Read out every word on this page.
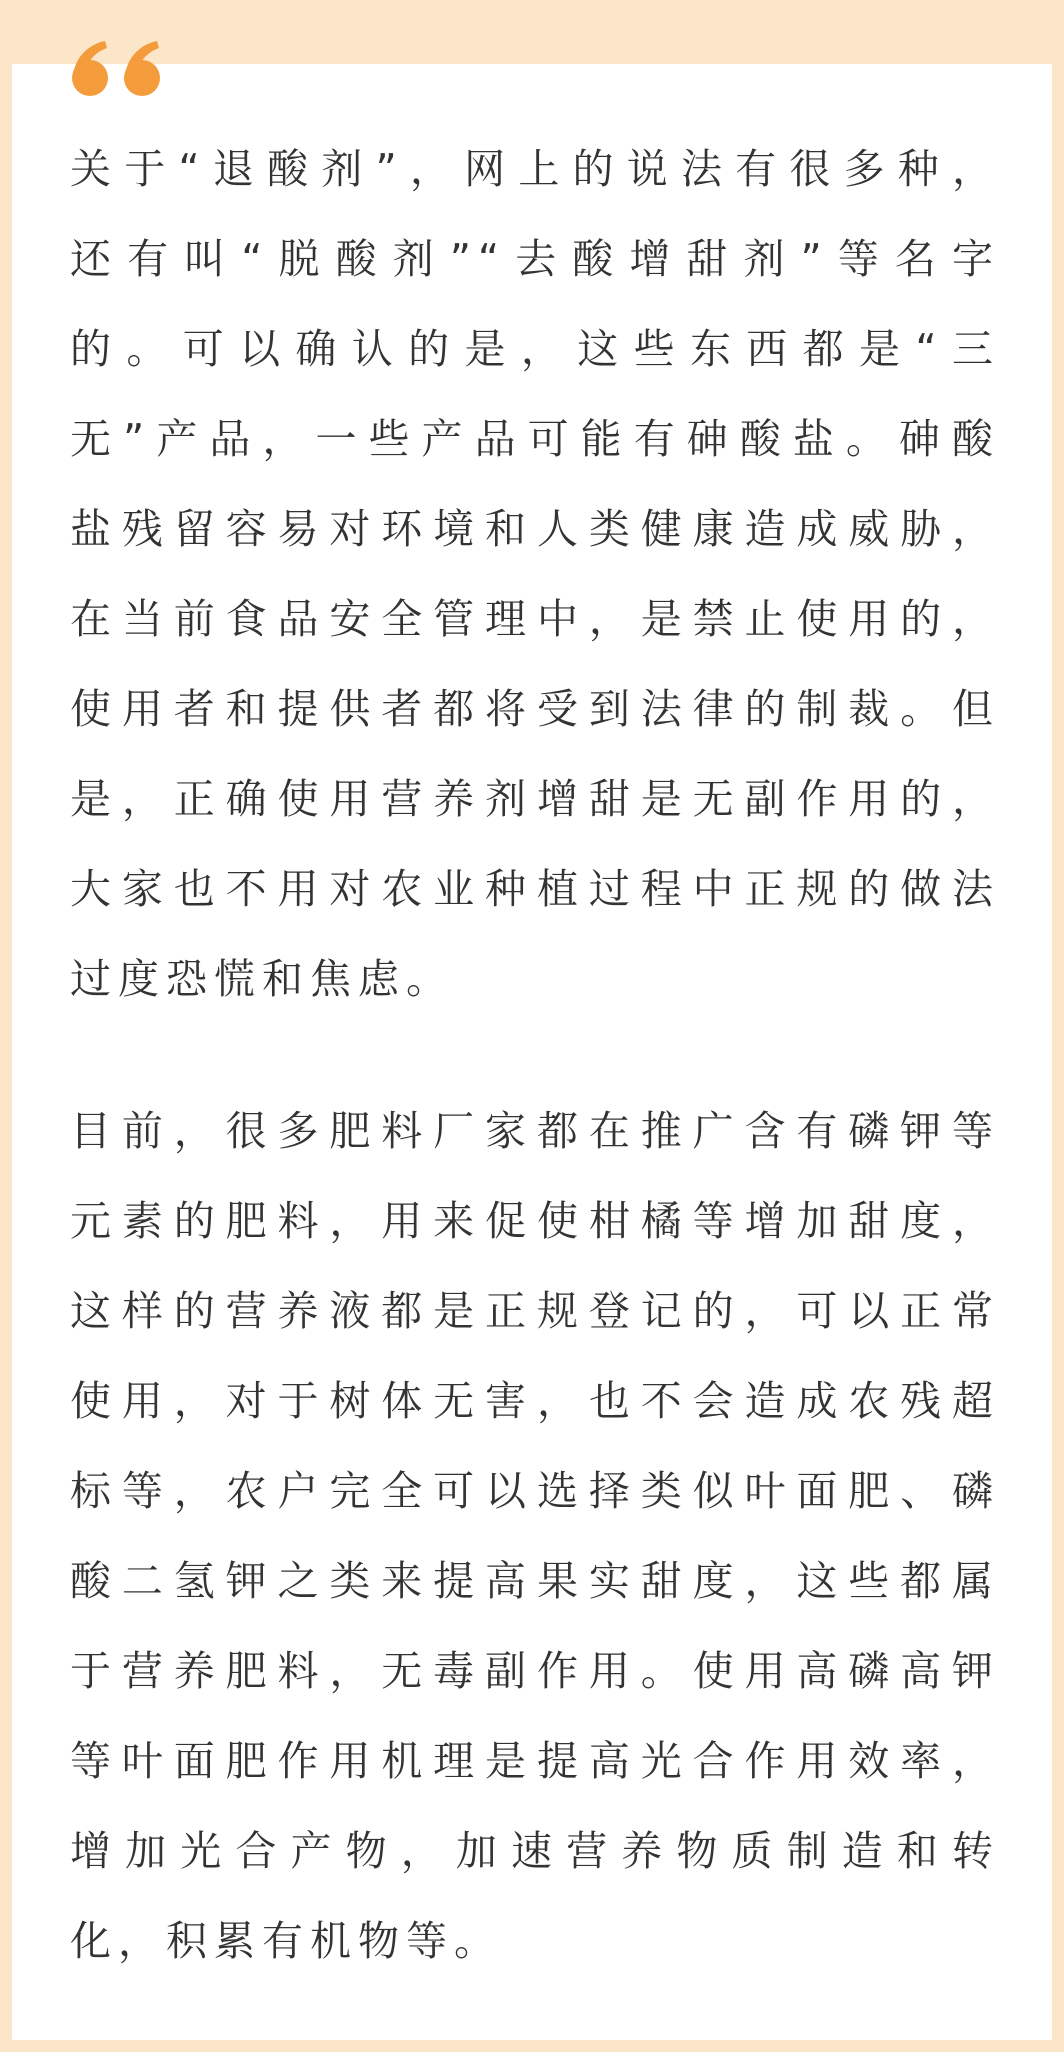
关于“退酸剂”，网上的说法有很多种，
还有叫“脱酸剂”“去酸增甜剂”等名字
的。可以确认的是，这些东西都是“三
无”产品，一些产品可能有砷酸盐。砷酸
盐残留容易对环境和人类健康造成威胁，
在当前食品安全管理中，是禁止使用的，
使用者和提供者都将受到法律的制裁。但
是，正确使用营养剂增甜是无副作用的，
大家也不用对农业种植过程中正规的做法
过度恐慌和焦虑。
目前，很多肥料厂家都在推广含有磷钾等
元素的肥料，用来促使柑橘等增加甜度，
这样的营养液都是正规登记的，可以正常
使用，对于树体无害，也不会造成农残超
标等，农户完全可以选择类似叶面肥、磷
酸二氢钾之类来提高果实甜度，这些都属
于营养肥料，无毒副作用。使用高磷高钾
等叶面肥作用机理是提高光合作用效率，
增加光合产物，加速营养物质制造和转
化，积累有机物等。
